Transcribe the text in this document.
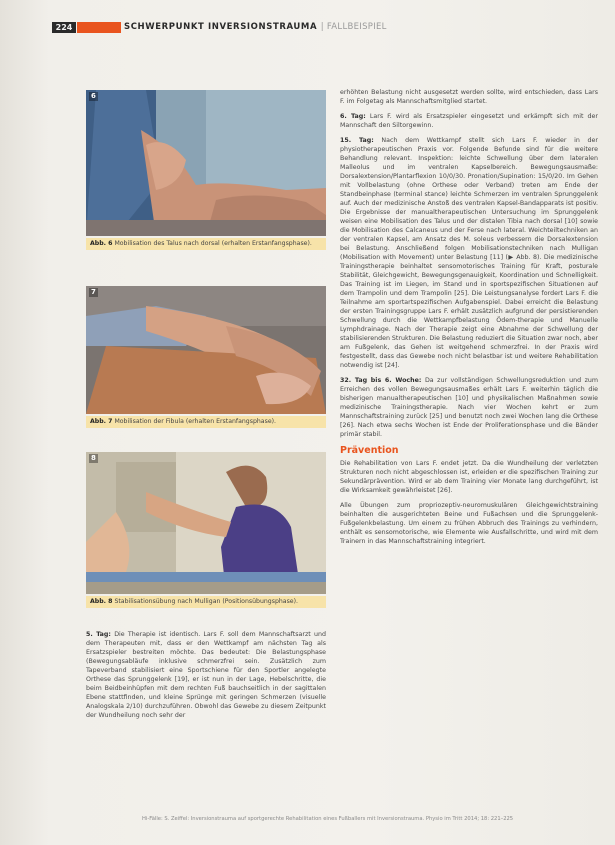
224	SCHWERPUNKT INVERSIONSTRAUMA | FALLBEISPIEL
6
Abb. 6 Mobilisation des Talus nach dorsal (erhalten Erstanfangsphase).
7
Abb. 7 Mobilisation der Fibula (erhalten Erstanfangsphase).
8
Abb. 8 Stabilisationsübung nach Mulligan (Positionsübungsphase).

5. Tag: Die Therapie ist identisch. Lars F. soll dem Mannschaftsarzt und dem Therapeuten mit, dass er den Wettkampf am nächsten Tag als Ersatzspieler bestreiten möchte. Das bedeutet: Die Belastungsphase (Bewegungsabläufe inklusive schmerzfrei sein. Zusätzlich zum Tapeverband stabilisiert eine Sportschiene für den Sportler angelegte Orthese das Sprunggelenk [19], er ist nun in der Lage, Hebelschritte, die beim Beidbeinhüpfen mit dem rechten Fuß bauchseitlich in der sagittalen Ebene stattfinden, und kleine Sprünge mit geringen Schmerzen (visuelle Analogskala 2/10) durchzuführen. Obwohl das Gewebe zu diesem Zeitpunkt der Wundheilung noch sehr der

erhöhten Belastung nicht ausgesetzt werden sollte, wird entschieden, dass Lars F. im Folgetag als Mannschaftsmitglied startet.

6. Tag: Lars F. wird als Ersatzspieler eingesetzt und erkämpft sich mit der Mannschaft den Siltorgewinn.

15. Tag: Nach dem Wettkampf stellt sich Lars F. wieder in der physiotherapeutischen Praxis vor. Folgende Befunde sind für die weitere Behandlung relevant. Inspektion: leichte Schwellung über dem lateralen Malleolus und im ventralen Kapselbereich. Bewegungsausmaße: Dorsalextension/Plantarflexion 10/0/30. Pronation/Supination: 15/0/20. Im Gehen mit Vollbelastung (ohne Orthese oder Verband) treten am Ende der Standbeinphase (terminal stance) leichte Schmerzen im ventralen Sprunggelenk auf. Auch der medizinische Anstoß des ventralen Kapsel-Bandapparats ist positiv. Die Ergebnisse der manualtherapeutischen Untersuchung im Sprunggelenk weisen eine Mobilisation des Talus und der distalen Tibia nach dorsal [10] sowie die Mobilisation des Calcaneus und der Ferse nach lateral. Weichteiltechniken an der ventralen Kapsel, am Ansatz des M. soleus verbessern die Dorsalextension bei Belastung. Anschließend folgen Mobilisationstechniken nach Mulligan (Mobilisation with Movement) unter Belastung [11] (▶ Abb. 8). Die medizinische Trainingstherapie beinhaltet sensomotorisches Training für Kraft, posturale Stabilität, Gleichgewicht, Bewegungsgenauigkeit, Koordination und Schnelligkeit. Das Training ist im Liegen, im Stand und in sportspezifischen Situationen auf dem Trampolin und dem Trampolin [25]. Die Leistungsanalyse fordert Lars F. die Teilnahme am sportartspezifischen Aufgabenspiel. Dabei erreicht die Belastung der ersten Trainingsgruppe Lars F. erhält zusätzlich aufgrund der persistierenden Schwellung durch die Wettkampfbelastung Ödem-therapie und Manuelle Lymphdrainage. Nach der Therapie zeigt eine Abnahme der Schwellung der stabilisierenden Strukturen. Die Belastung reduziert die Situation zwar noch, aber am Fußgelenk, das Gehen ist weitgehend schmerzfrei. In der Praxis wird festgestellt, dass das Gewebe noch nicht belastbar ist und weitere Rehabilitation notwendig ist [24].

32. Tag bis 6. Woche: Da zur vollständigen Schwellungsreduktion und zum Erreichen des vollen Bewegungsausmaßes erhält Lars F. weiterhin täglich die bisherigen manualtherapeutischen [10] und physikalischen Maßnahmen sowie medizinische Trainingstherapie. Nach vier Wochen kehrt er zum Mannschaftstraining zurück [25] und benutzt noch zwei Wochen lang die Orthese [26]. Nach etwa sechs Wochen ist Ende der Proliferationsphase und die Bänder primär stabil.

Prävention

Die Rehabilitation von Lars F. endet jetzt. Da die Wundheilung der verletzten Strukturen noch nicht abgeschlossen ist, erleiden er die spezifischen Training zur Sekundärprävention. Wird er ab dem Training vier Monate lang durchgeführt, ist die Wirksamkeit gewährleistet [26].

Alle Übungen zum propriozeptiv-neuromuskulären Gleichgewichtstraining beinhalten die ausgerichteten Beine und Fußachsen und die Sprunggelenk-Fußgelenkbelastung. Um einem zu frühen Abbruch des Trainings zu verhindern, enthält es sensomotorische, wie Elemente wie Ausfallschritte, und wird mit dem Trainern in das Mannschaftstraining integriert.

Hi-Fälle: S. Zeiffel: Inversionstrauma auf sportgerechte Rehabilitation eines Fußballers mit Inversionstrauma. Physio im Tritt 2014; 18: 221–225
